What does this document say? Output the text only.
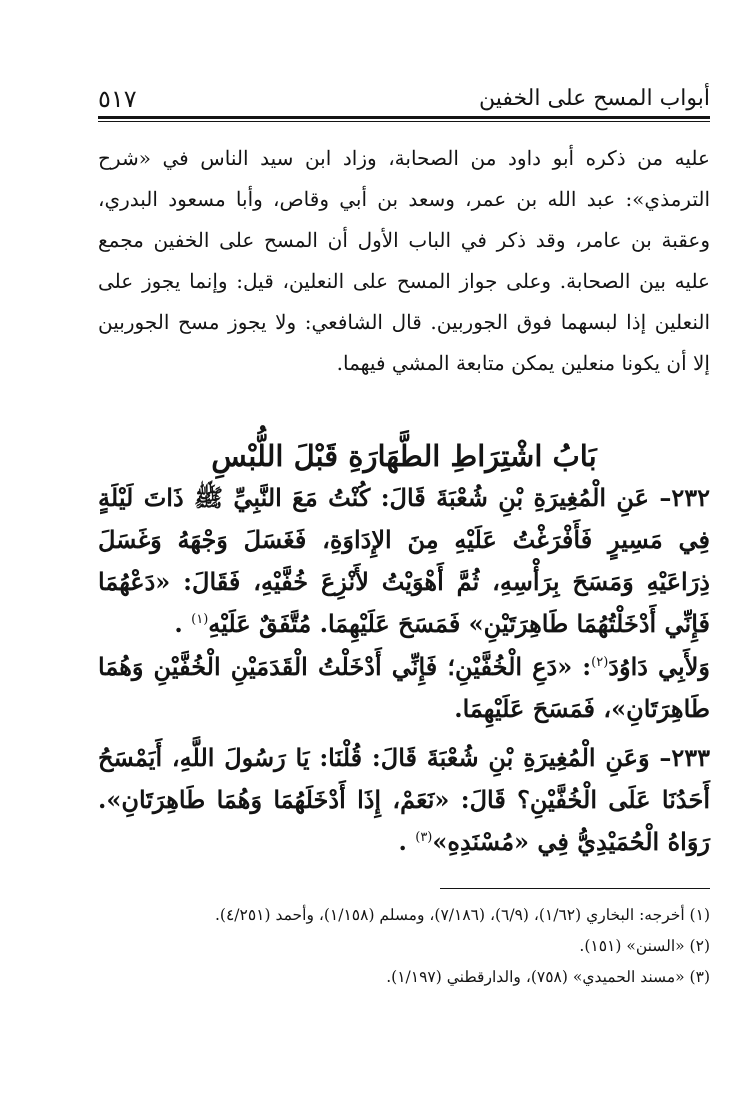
أبواب المسح على الخفين
٥١٧

عليه من ذكره أبو داود من الصحابة، وزاد ابن سيد الناس في «شرح الترمذي»: عبد الله بن عمر، وسعد بن أبي وقاص، وأبا مسعود البدري، وعقبة بن عامر، وقد ذكر في الباب الأول أن المسح على الخفين مجمع عليه بين الصحابة. وعلى جواز المسح على النعلين، قيل: وإنما يجوز على النعلين إذا لبسهما فوق الجوربين. قال الشافعي: ولا يجوز مسح الجوربين إلا أن يكونا منعلين يمكن متابعة المشي فيهما.

بَابُ اشْتِرَاطِ الطَّهَارَةِ قَبْلَ اللُّبْسِ

٢٣٢– عَنِ الْمُغِيرَةِ بْنِ شُعْبَةَ قَالَ: كُنْتُ مَعَ النَّبِيِّ ﷺ ذَاتَ لَيْلَةٍ فِي مَسِيرٍ فَأَفْرَغْتُ عَلَيْهِ مِنَ الإِدَاوَةِ، فَغَسَلَ وَجْهَهُ وَغَسَلَ ذِرَاعَيْهِ وَمَسَحَ بِرَأْسِهِ، ثُمَّ أَهْوَيْتُ لأَنْزِعَ خُفَّيْهِ، فَقَالَ: «دَعْهُمَا فَإِنِّي أَدْخَلْتُهُمَا طَاهِرَتَيْنِ» فَمَسَحَ عَلَيْهِمَا. مُتَّفَقٌ عَلَيْهِ$^{(١)}$ .

وَلأَبِي دَاوُدَ$^{(٢)}$: «دَعِ الْخُفَّيْنِ؛ فَإِنِّي أَدْخَلْتُ الْقَدَمَيْنِ الْخُفَّيْنِ وَهُمَا طَاهِرَتَانِ»، فَمَسَحَ عَلَيْهِمَا.

٢٣٣– وَعَنِ الْمُغِيرَةِ بْنِ شُعْبَةَ قَالَ: قُلْنَا: يَا رَسُولَ اللَّهِ، أَيَمْسَحُ أَحَدُنَا عَلَى الْخُفَّيْنِ؟ قَالَ: «نَعَمْ، إِذَا أَدْخَلَهُمَا وَهُمَا طَاهِرَتَانِ». رَوَاهُ الْحُمَيْدِيُّ فِي «مُسْنَدِهِ»$^{(٣)}$ .

(١) أخرجه: البخاري (١/٦٢)، (٦/٩)، (٧/١٨٦)، ومسلم (١/١٥٨)، وأحمد (٤/٢٥١).

(٢) «السنن» (١٥١).

(٣) «مسند الحميدي» (٧٥٨)، والدارقطني (١/١٩٧).
